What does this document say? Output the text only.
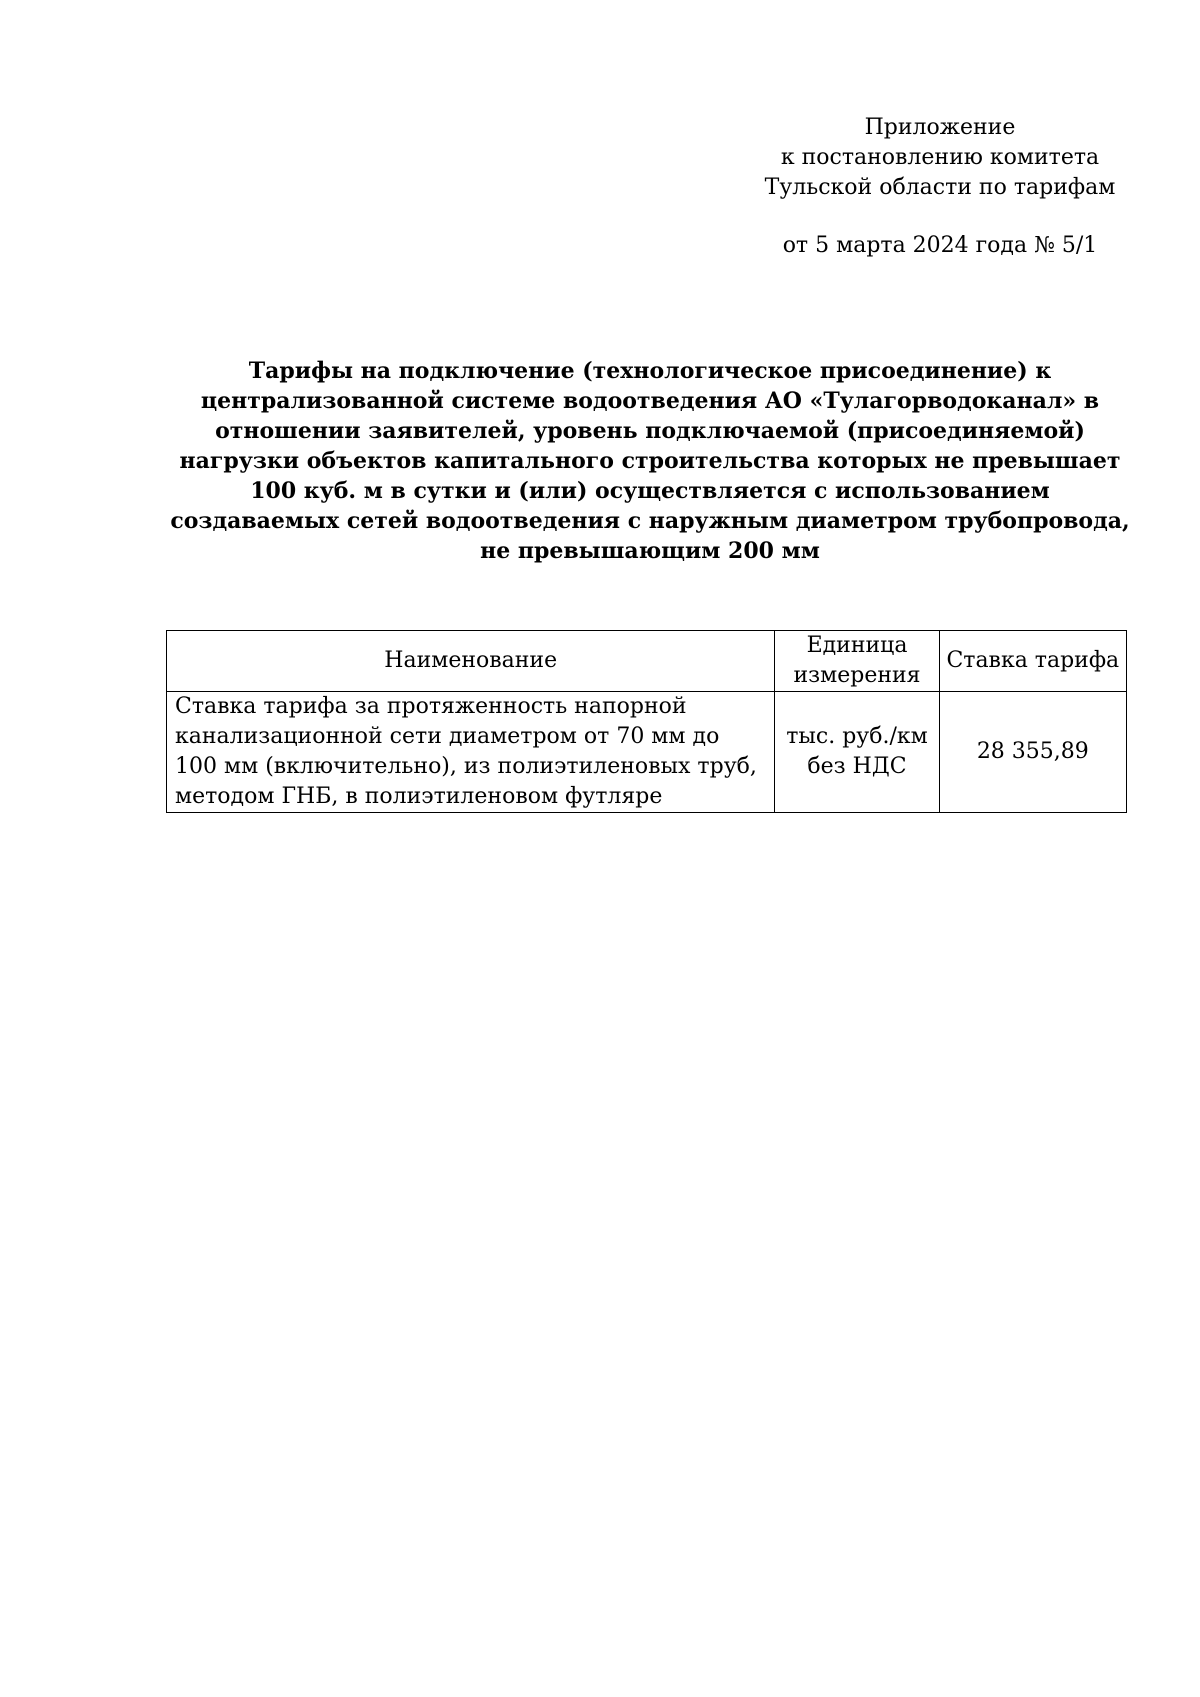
Приложение
к постановлению комитета
Тульской области по тарифам
от 5 марта 2024 года № 5/1
Тарифы на подключение (технологическое присоединение) к централизованной системе водоотведения АО «Тулагорводоканал» в отношении заявителей, уровень подключаемой (присоединяемой) нагрузки объектов капитального строительства которых не превышает 100 куб. м в сутки и (или) осуществляется с использованием создаваемых сетей водоотведения с наружным диаметром трубопровода, не превышающим 200 мм
Наименование	Единица измерения	Ставка тарифа
Ставка тарифа за протяженность напорной канализационной сети диаметром от 70 мм до 100 мм (включительно), из полиэтиленовых труб, методом ГНБ, в полиэтиленовом футляре	тыс. руб./км без НДС	28 355,89
